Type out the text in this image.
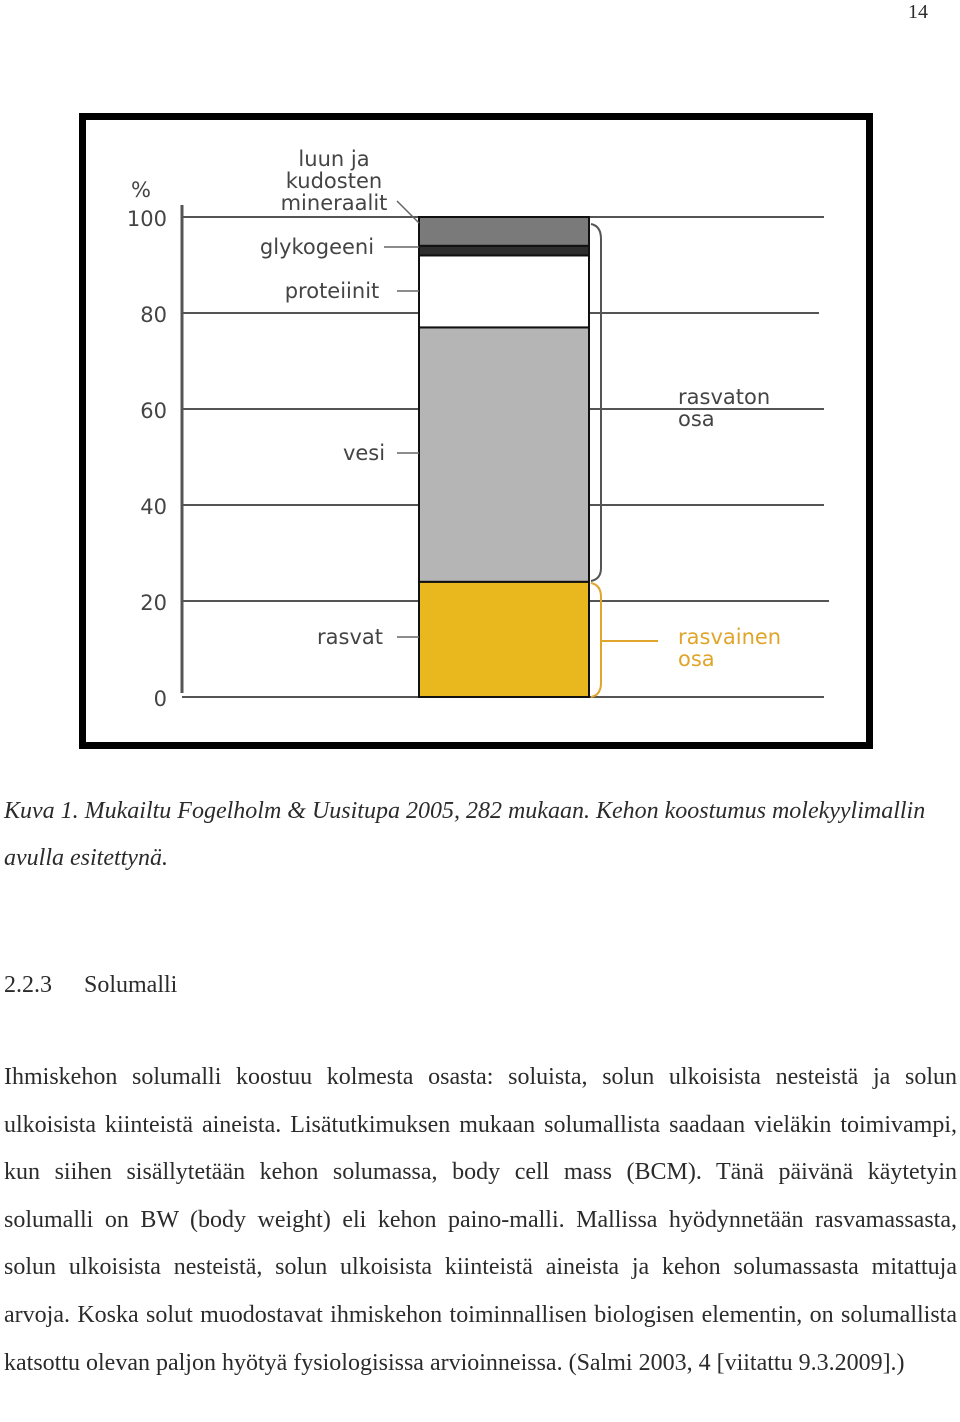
14
%
100
80
60
40
20
0
luun ja
kudosten
mineraalit
glykogeeni
proteiinit
vesi
rasvat
rasvaton
osa
rasvainen
osa

Kuva 1. Mukailtu Fogelholm & Uusitupa 2005, 282 mukaan. Kehon koostumus molekyylimallin avulla esitettynä.

2.2.3 Solumalli

Ihmiskehon solumalli koostuu kolmesta osasta: soluista, solun ulkoisista nesteistä ja solun ulkoisista kiinteistä aineista. Lisätutkimuksen mukaan solumallista saadaan vieläkin toimivampi, kun siihen sisällytetään kehon solumassa, body cell mass (BCM). Tänä päivänä käytetyin solumalli on BW (body weight) eli kehon paino-malli. Mallissa hyödynnetään rasvamassasta, solun ulkoisista nesteistä, solun ulkoisista kiinteistä aineista ja kehon solumassasta mitattuja arvoja. Koska solut muodostavat ihmiskehon toiminnallisen biologisen elementin, on solumallista katsottu olevan paljon hyötyä fysiologisissa arvioinneissa. (Salmi 2003, 4 [viitattu 9.3.2009].)
